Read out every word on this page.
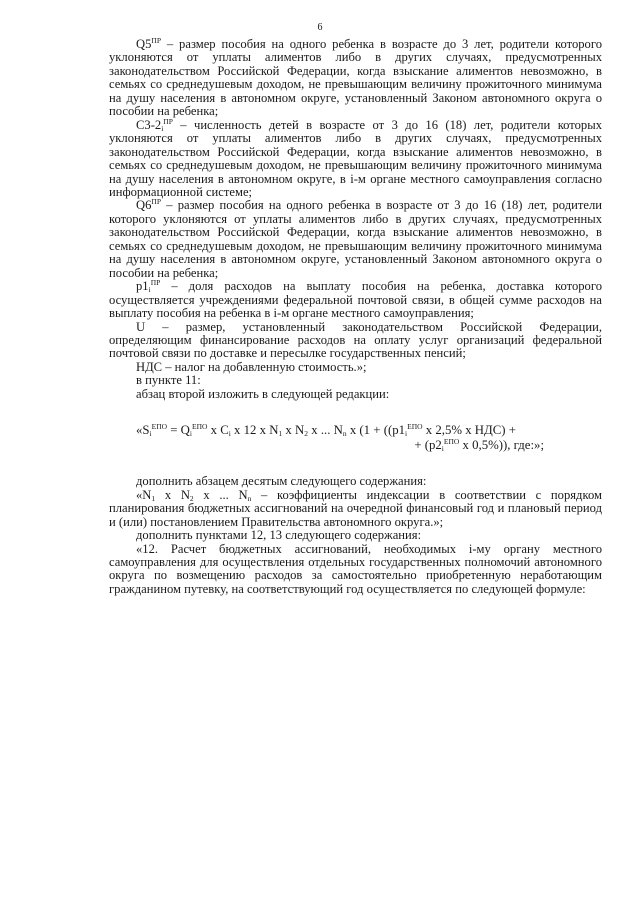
6

$Q5^{ПР}$ – размер пособия на одного ребенка в возрасте до 3 лет, родители которого уклоняются от уплаты алиментов либо в других случаях, предусмотренных законодательством Российской Федерации, когда взыскание алиментов невозможно, в семьях со среднедушевым доходом, не превышающим величину прожиточного минимума на душу населения в автономном округе, установленный Законом автономного округа о пособии на ребенка;

$C3-2_i^{ПР}$ – численность детей в возрасте от 3 до 16 (18) лет, родители которых уклоняются от уплаты алиментов либо в других случаях, предусмотренных законодательством Российской Федерации, когда взыскание алиментов невозможно, в семьях со среднедушевым доходом, не превышающим величину прожиточного минимума на душу населения в автономном округе, в i-м органе местного самоуправления согласно информационной системе;

$Q6^{ПР}$ – размер пособия на одного ребенка в возрасте от 3 до 16 (18) лет, родители которого уклоняются от уплаты алиментов либо в других случаях, предусмотренных законодательством Российской Федерации, когда взыскание алиментов невозможно, в семьях со среднедушевым доходом, не превышающим величину прожиточного минимума на душу населения в автономном округе, установленный Законом автономного округа о пособии на ребенка;

$p1_i^{ПР}$ – доля расходов на выплату пособия на ребенка, доставка которого осуществляется учреждениями федеральной почтовой связи, в общей сумме расходов на выплату пособия на ребенка в i-м органе местного самоуправления;

U – размер, установленный законодательством Российской Федерации, определяющим финансирование расходов на оплату услуг организаций федеральной почтовой связи по доставке и пересылке государственных пенсий;

НДС – налог на добавленную стоимость.»;

в пункте 11:

абзац второй изложить в следующей редакции:

«$S_i^{ЕПО} = Q_i^{ЕПО}$ x $C_i$ x 12 x $N_1$ x $N_2$ x ... $N_n$ x ($1 + ((p1_i^{ЕПО}$ x 2,5% x НДС) +

+ ($p2_i^{ЕПО}$ x 0,5%)), где:»;

дополнить абзацем десятым следующего содержания:

«$N_1$ x $N_2$ x ... $N_n$ – коэффициенты индексации в соответствии с порядком планирования бюджетных ассигнований на очередной финансовый год и плановый период и (или) постановлением Правительства автономного округа.»;

дополнить пунктами 12, 13 следующего содержания:

«12. Расчет бюджетных ассигнований, необходимых i-му органу местного самоуправления для осуществления отдельных государственных полномочий автономного округа по возмещению расходов за самостоятельно приобретенную неработающим гражданином путевку, на соответствующий год осуществляется по следующей формуле:
